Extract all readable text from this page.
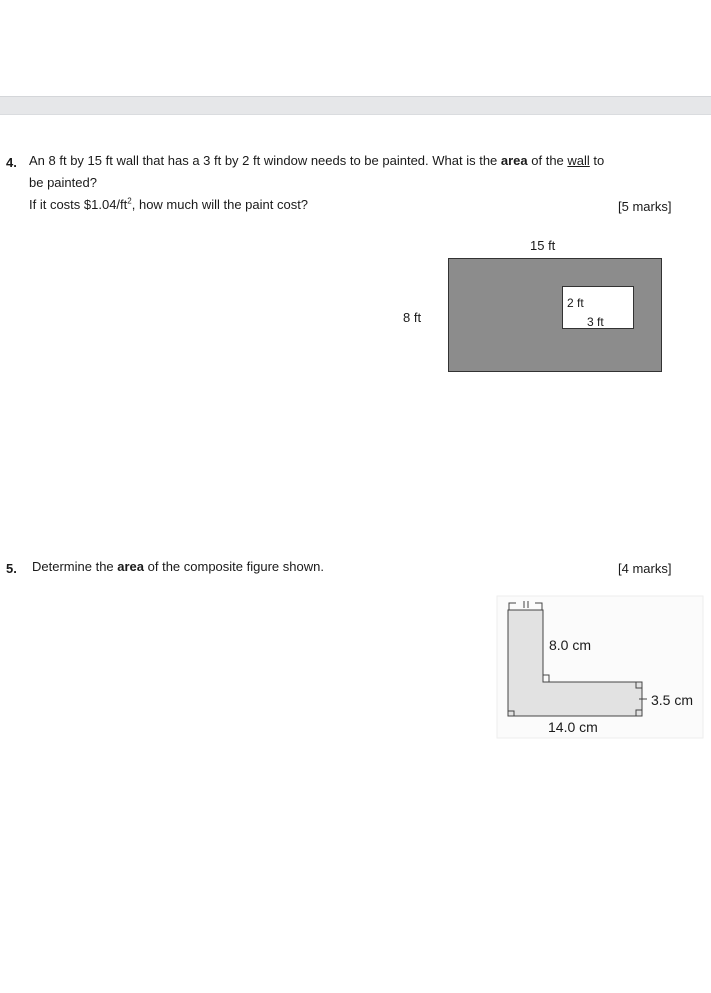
4. An 8 ft by 15 ft wall that has a 3 ft by 2 ft window needs to be painted. What is the area of the wall to
be painted?
If it costs $\$1.04/ft^2$, how much will the paint cost?	[5 marks]
15 ft
8 ft
2 ft
3 ft
5. Determine the area of the composite figure shown.	[4 marks]
8.0 cm
3.5 cm
14.0 cm
